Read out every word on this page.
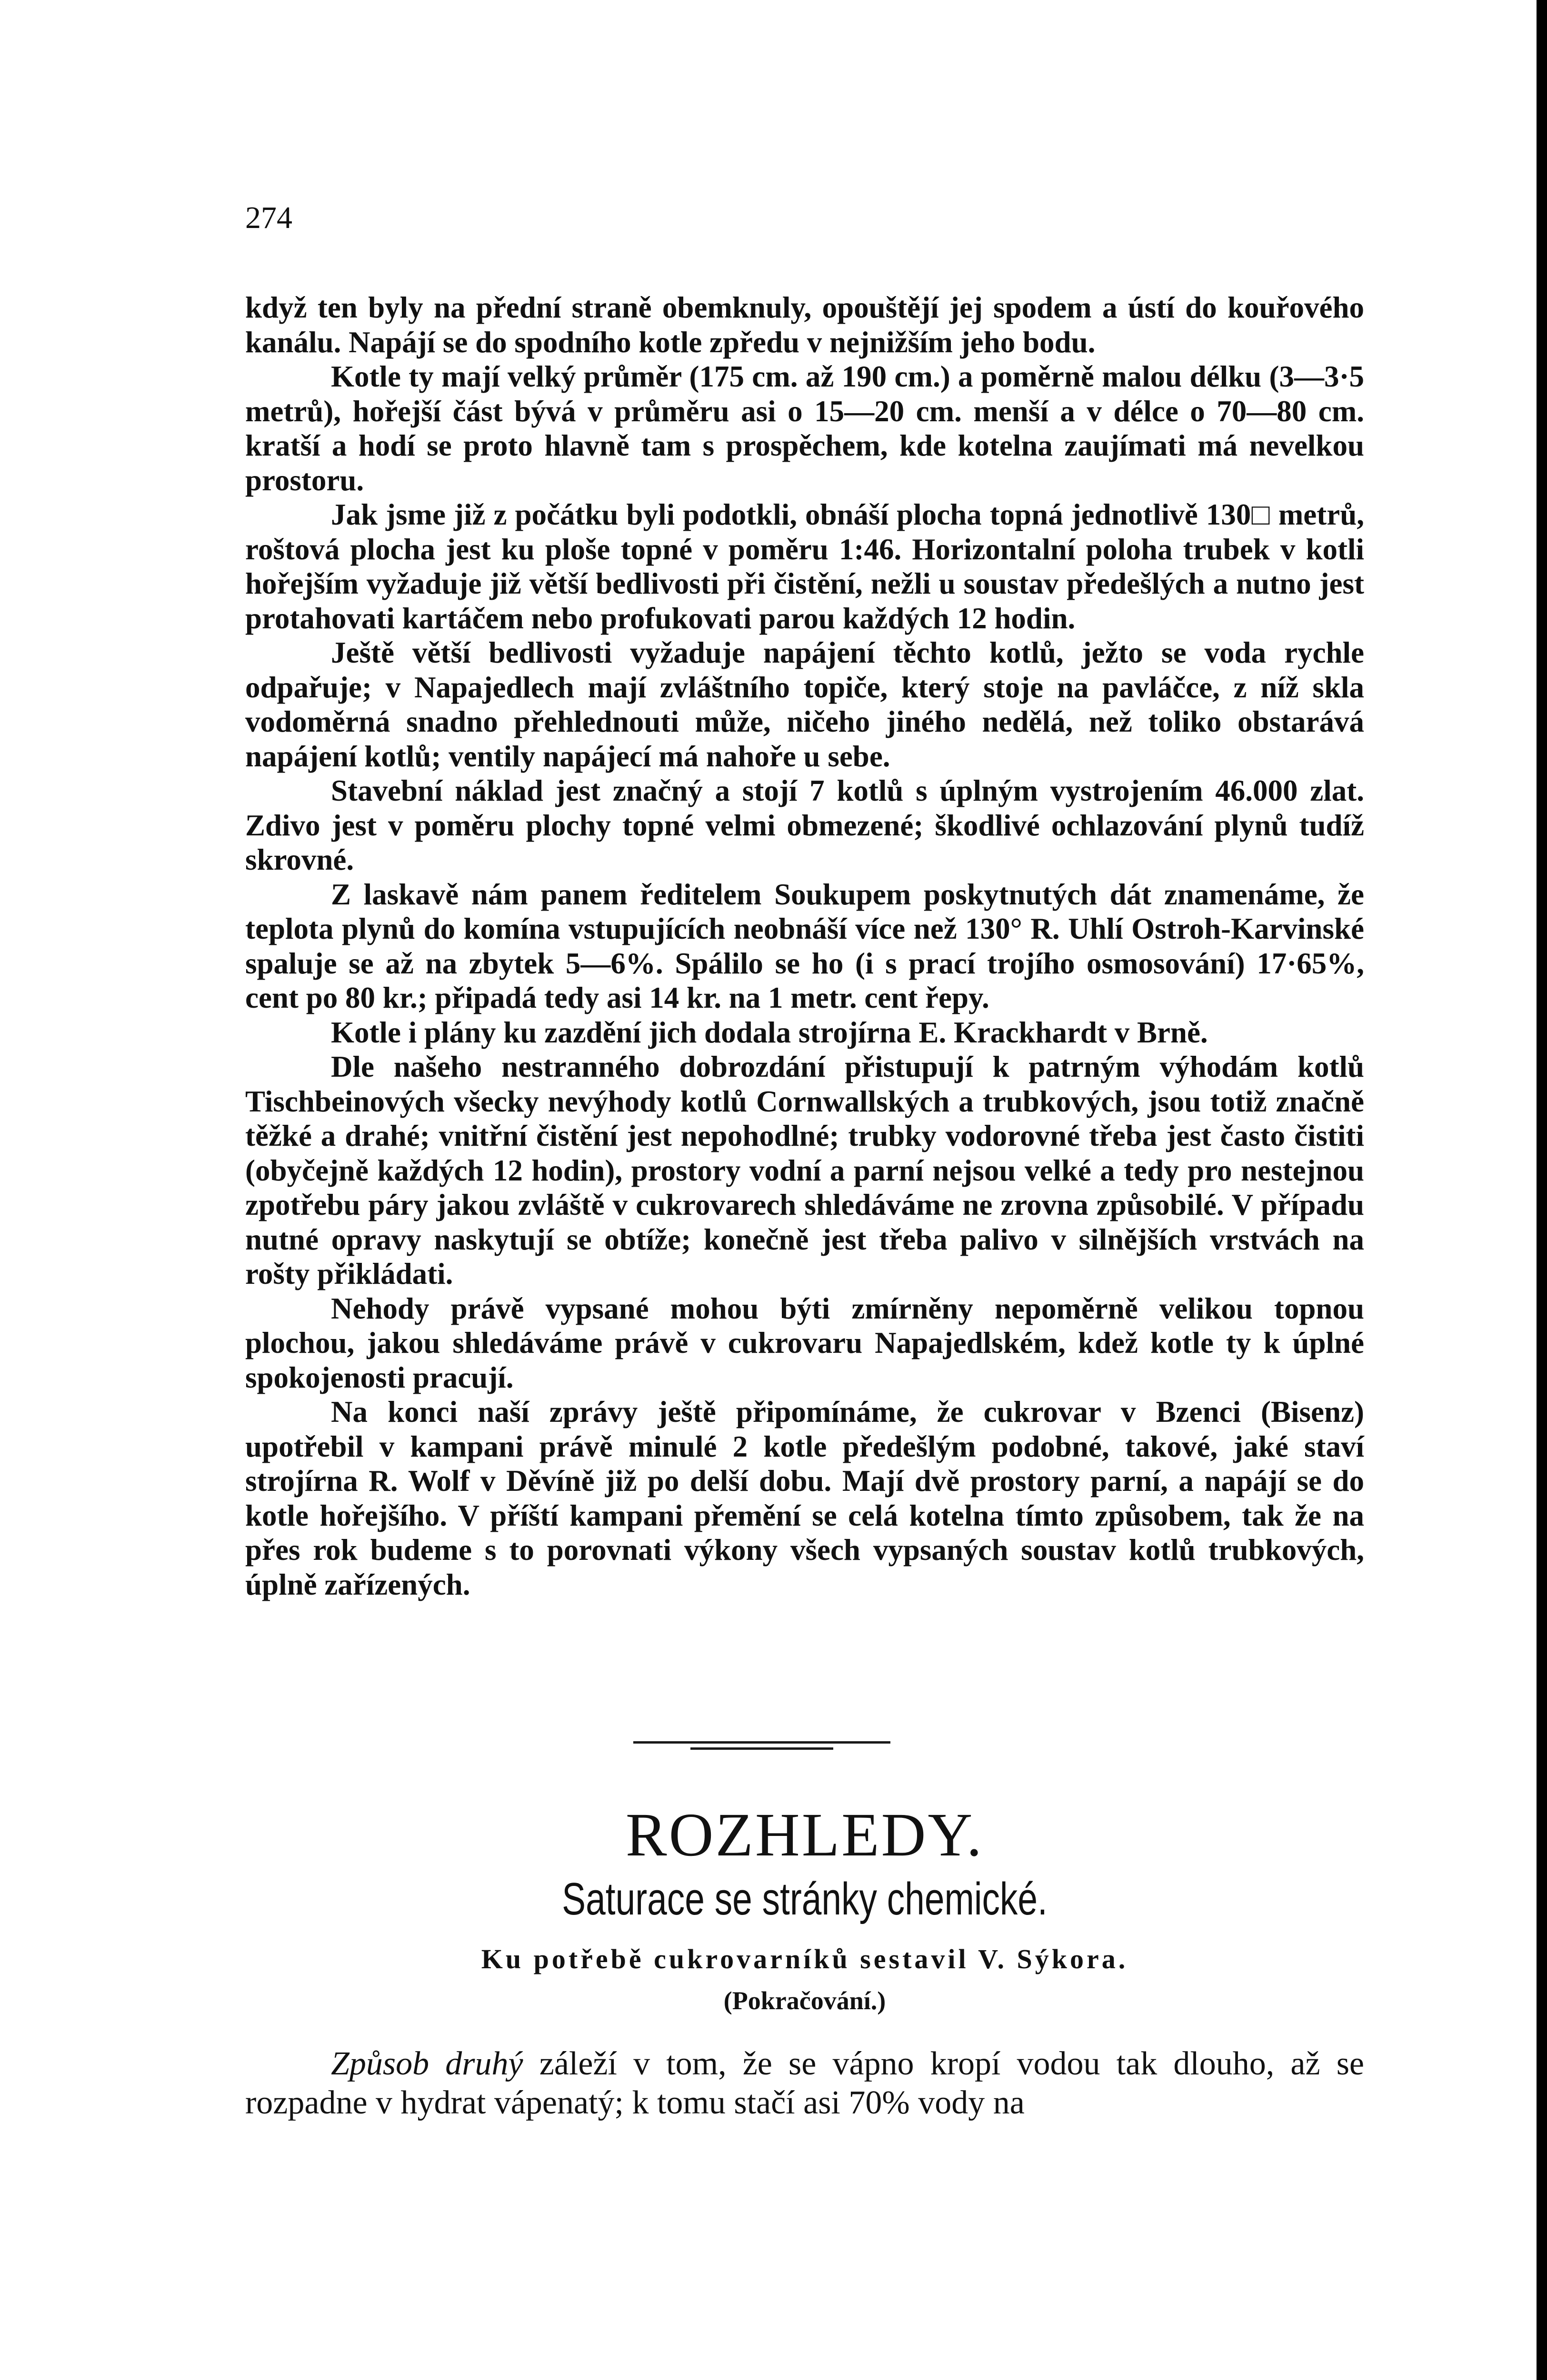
274

když ten byly na přední straně obemknuly, opouštějí jej spodem a ústí do kouřového kanálu. Napájí se do spodního kotle zpředu v nejnižším jeho bodu.

Kotle ty mají velký průměr (175 cm. až 190 cm.) a poměrně malou délku (3—3·5 metrů), hořejší část bývá v průměru asi o 15—20 cm. menší a v délce o 70—80 cm. kratší a hodí se proto hlavně tam s prospěchem, kde kotelna zaujímati má nevelkou prostoru.

Jak jsme již z počátku byli podotkli, obnáší plocha topná jednotlivě 130□ metrů, roštová plocha jest ku ploše topné v poměru 1:46. Horizontalní poloha trubek v kotli hořejším vyžaduje již větší bedlivosti při čistění, nežli u soustav předešlých a nutno jest protahovati kartáčem nebo profukovati parou každých 12 hodin.

Ještě větší bedlivosti vyžaduje napájení těchto kotlů, ježto se voda rychle odpařuje; v Napajedlech mají zvláštního topiče, který stoje na pavláčce, z níž skla vodoměrná snadno přehlednouti může, ničeho jiného nedělá, než toliko obstarává napájení kotlů; ventily napájecí má nahoře u sebe.

Stavební náklad jest značný a stojí 7 kotlů s úplným vystrojením 46.000 zlat. Zdivo jest v poměru plochy topné velmi obmezené; škodlivé ochlazování plynů tudíž skrovné.

Z laskavě nám panem ředitelem Soukupem poskytnutých dát znamenáme, že teplota plynů do komína vstupujících neobnáší více než 130° R. Uhlí Ostroh-Karvinské spaluje se až na zbytek 5—6%. Spálilo se ho (i s prací trojího osmosování) 17·65%, cent po 80 kr.; připadá tedy asi 14 kr. na 1 metr. cent řepy.

Kotle i plány ku zazdění jich dodala strojírna E. Krackhardt v Brně.

Dle našeho nestranného dobrozdání přistupují k patrným výhodám kotlů Tischbeinových všecky nevýhody kotlů Cornwallských a trubkových, jsou totiž značně těžké a drahé; vnitřní čistění jest nepohodlné; trubky vodorovné třeba jest často čistiti (obyčejně každých 12 hodin), prostory vodní a parní nejsou velké a tedy pro nestejnou zpotřebu páry jakou zvláště v cukrovarech shledáváme ne zrovna způsobilé. V případu nutné opravy naskytují se obtíže; konečně jest třeba palivo v silnějších vrstvách na rošty přikládati.

Nehody právě vypsané mohou býti zmírněny nepoměrně velikou topnou plochou, jakou shledáváme právě v cukrovaru Napajedlském, kdež kotle ty k úplné spokojenosti pracují.

Na konci naší zprávy ještě připomínáme, že cukrovar v Bzenci (Bisenz) upotřebil v kampani právě minulé 2 kotle předešlým podobné, takové, jaké staví strojírna R. Wolf v Děvíně již po delší dobu. Mají dvě prostory parní, a napájí se do kotle hořejšího. V příští kampani přemění se celá kotelna tímto způsobem, tak že na přes rok budeme s to porovnati výkony všech vypsaných soustav kotlů trubkových, úplně zařízených.

ROZHLEDY.
Saturace se stránky chemické.
Ku potřebě cukrovarníků sestavil V. Sýkora.
(Pokračování.)

Způsob druhý záleží v tom, že se vápno kropí vodou tak dlouho, až se rozpadne v hydrat vápenatý; k tomu stačí asi 70% vody na
